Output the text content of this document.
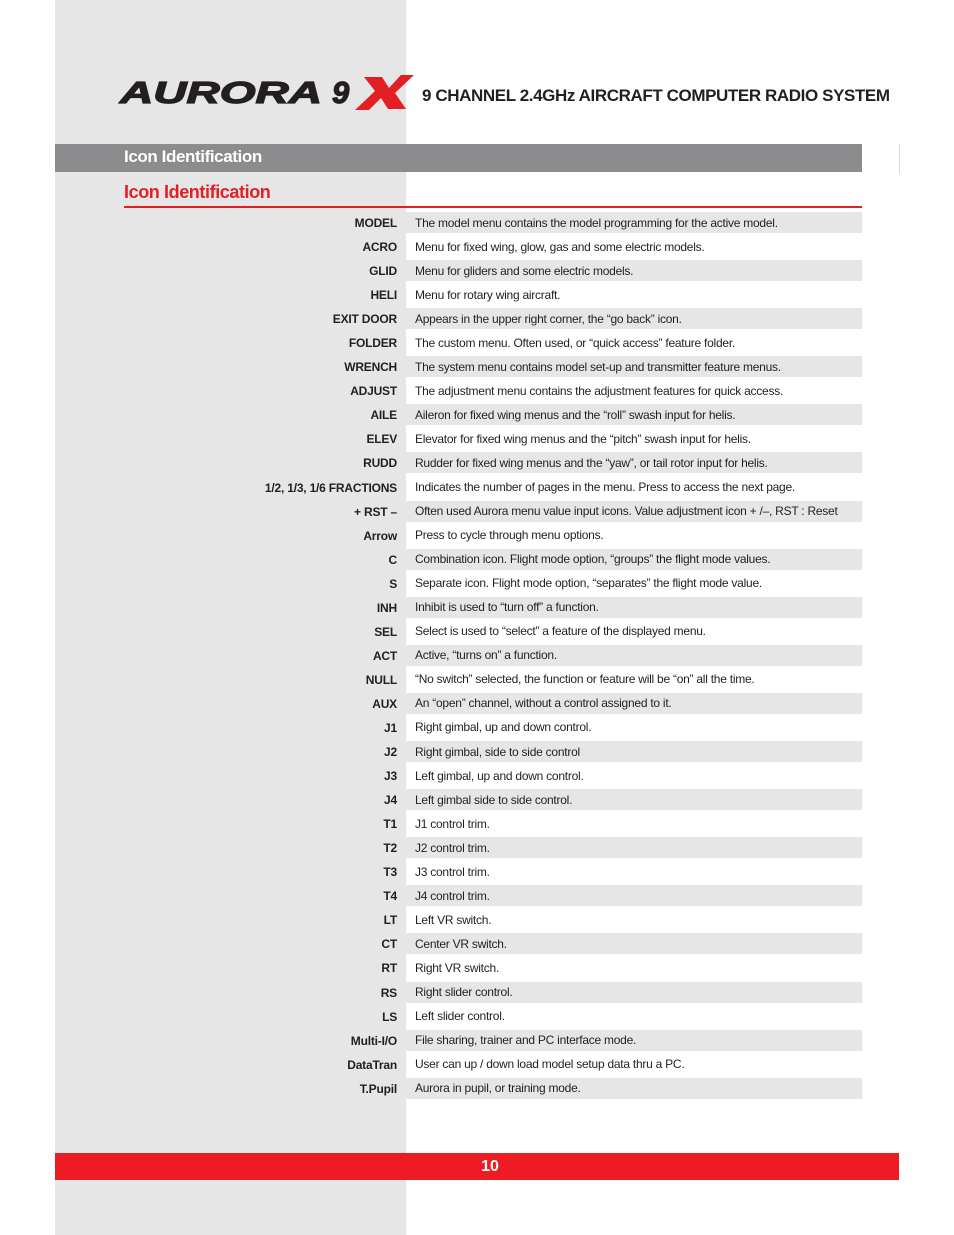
AURORA 9	9 CHANNEL 2.4GHz AIRCRAFT COMPUTER RADIO SYSTEM
Icon Identification
Icon Identification
MODEL	The model menu contains the model programming for the active model.
ACRO	Menu for fixed wing, glow, gas and some electric models.
GLID	Menu for gliders and some electric models.
HELI	Menu for rotary wing aircraft.
EXIT DOOR	Appears in the upper right corner, the “go back” icon.
FOLDER	The custom menu. Often used, or “quick access” feature folder.
WRENCH	The system menu contains model set-up and transmitter feature menus.
ADJUST	The adjustment menu contains the adjustment features for quick access.
AILE	Aileron for fixed wing menus and the “roll” swash input for helis.
ELEV	Elevator for fixed wing menus and the “pitch” swash input for helis.
RUDD	Rudder for fixed wing menus and the “yaw”, or tail rotor input for helis.
1/2, 1/3, 1/6 FRACTIONS	Indicates the number of pages in the menu. Press to access the next page.
+ RST –	Often used Aurora menu value input icons. Value adjustment icon + /–, RST : Reset
Arrow	Press to cycle through menu options.
C	Combination icon. Flight mode option, “groups” the flight mode values.
S	Separate icon. Flight mode option, “separates” the flight mode value.
INH	Inhibit is used to “turn off” a function.
SEL	Select is used to “select” a feature of the displayed menu.
ACT	Active, “turns on” a function.
NULL	“No switch” selected, the function or feature will be “on” all the time.
AUX	An “open” channel, without a control assigned to it.
J1	Right gimbal, up and down control.
J2	Right gimbal, side to side control
J3	Left gimbal, up and down control.
J4	Left gimbal side to side control.
T1	J1 control trim.
T2	J2 control trim.
T3	J3 control trim.
T4	J4 control trim.
LT	Left VR switch.
CT	Center VR switch.
RT	Right VR switch.
RS	Right slider control.
LS	Left slider control.
Multi-I/O	File sharing, trainer and PC interface mode.
DataTran	User can up / down load model setup data thru a PC.
T.Pupil	Aurora in pupil, or training mode.
10
